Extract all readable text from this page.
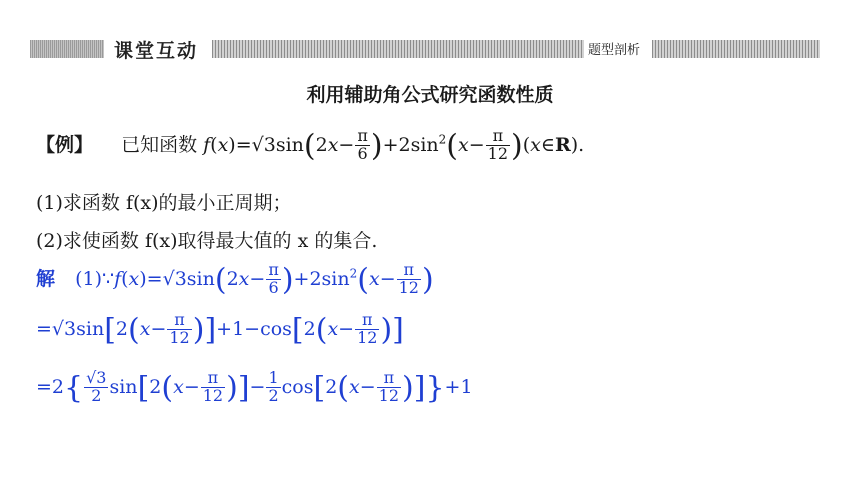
课堂互动	题型剖析
利用辅助角公式研究函数性质
【例】 已知函数 $f(x)=√3\sin(2x- \frac{\pi}{6} )+2\sin^2(x- \frac{\pi}{12}$ )(x∈R).
(1)求函数 f(x)的最小正周期；
(2)求使函数 f(x)取得最大值的 x 的集合.
解 (1)∵f(x)=√3sin(2x− $\frac{\pi}{6} )+2\sin^2(x- \frac{\pi}{12}$ )
$=√3\sin[2(x- \frac{\pi}{12} )]+1-\cos[2(x- \frac{\pi}{12}$ )]
$=2\{ \frac{√3}{2} \sin[2(x- \frac{\pi}{12}$ )]− $\frac{1}{2} \cos[2(x- \frac{\pi}{12} )]\}+1$
